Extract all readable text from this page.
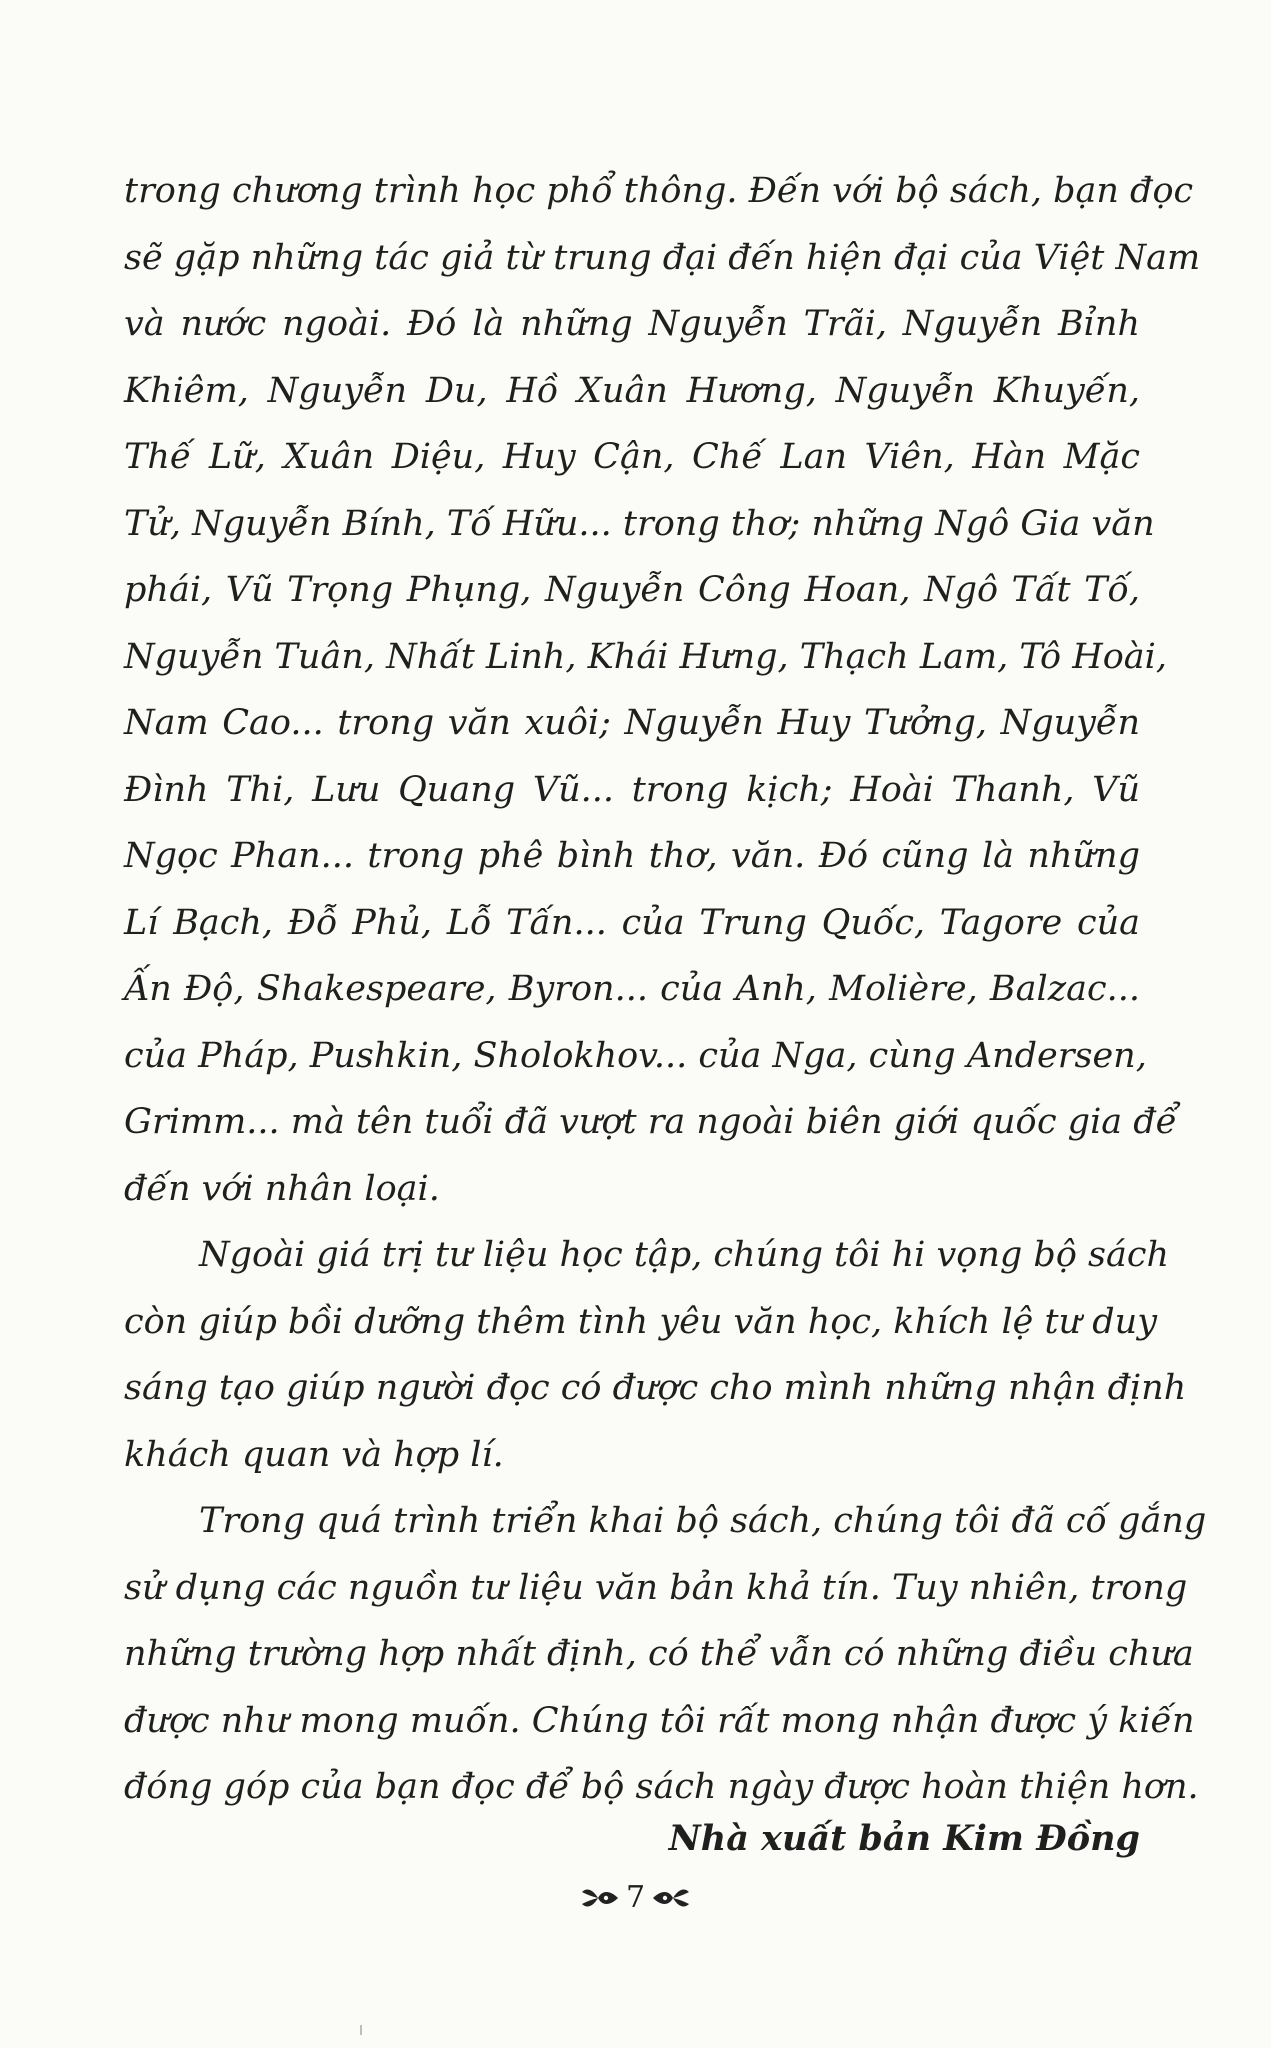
trong chương trình học phổ thông. Đến với bộ sách, bạn đọc
sẽ gặp những tác giả từ trung đại đến hiện đại của Việt Nam
và nước ngoài. Đó là những Nguyễn Trãi, Nguyễn Bỉnh
Khiêm, Nguyễn Du, Hồ Xuân Hương, Nguyễn Khuyến,
Thế Lữ, Xuân Diệu, Huy Cận, Chế Lan Viên, Hàn Mặc
Tử, Nguyễn Bính, Tố Hữu... trong thơ; những Ngô Gia văn
phái, Vũ Trọng Phụng, Nguyễn Công Hoan, Ngô Tất Tố,
Nguyễn Tuân, Nhất Linh, Khái Hưng, Thạch Lam, Tô Hoài,
Nam Cao... trong văn xuôi; Nguyễn Huy Tưởng, Nguyễn
Đình Thi, Lưu Quang Vũ... trong kịch; Hoài Thanh, Vũ
Ngọc Phan... trong phê bình thơ, văn. Đó cũng là những
Lí Bạch, Đỗ Phủ, Lỗ Tấn... của Trung Quốc, Tagore của
Ấn Độ, Shakespeare, Byron... của Anh, Molière, Balzac...
của Pháp, Pushkin, Sholokhov... của Nga, cùng Andersen,
Grimm... mà tên tuổi đã vượt ra ngoài biên giới quốc gia để
đến với nhân loại.
Ngoài giá trị tư liệu học tập, chúng tôi hi vọng bộ sách
còn giúp bồi dưỡng thêm tình yêu văn học, khích lệ tư duy
sáng tạo giúp người đọc có được cho mình những nhận định
khách quan và hợp lí.
Trong quá trình triển khai bộ sách, chúng tôi đã cố gắng
sử dụng các nguồn tư liệu văn bản khả tín. Tuy nhiên, trong
những trường hợp nhất định, có thể vẫn có những điều chưa
được như mong muốn. Chúng tôi rất mong nhận được ý kiến
đóng góp của bạn đọc để bộ sách ngày được hoàn thiện hơn.
Nhà xuất bản Kim Đồng
7
